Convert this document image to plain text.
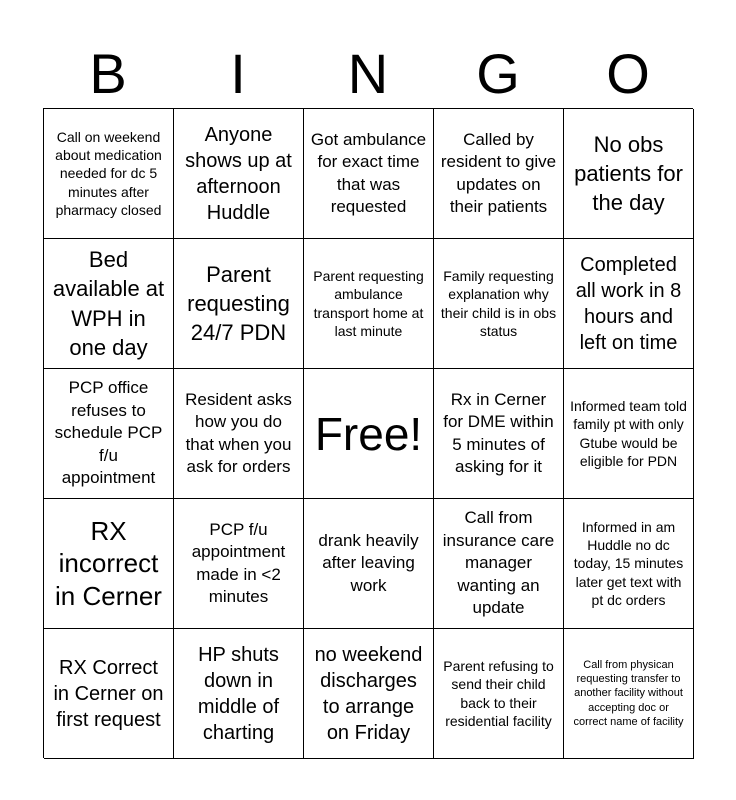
B	I	N	G	O
Call on weekend about medication needed for dc 5 minutes after pharmacy closed
Anyone shows up at afternoon Huddle
Got ambulance for exact time that was requested
Called by resident to give updates on their patients
No obs patients for the day
Bed available at WPH in one day
Parent requesting 24/7 PDN
Parent requesting ambulance transport home at last minute
Family requesting explanation why their child is in obs status
Completed all work in 8 hours and left on time
PCP office refuses to schedule PCP f/u appointment
Resident asks how you do that when you ask for orders
Free!
Rx in Cerner for DME within 5 minutes of asking for it
Informed team told family pt with only Gtube would be eligible for PDN
RX incorrect in Cerner
PCP f/u appointment made in <2 minutes
drank heavily after leaving work
Call from insurance care manager wanting an update
Informed in am Huddle no dc today, 15 minutes later get text with pt dc orders
RX Correct in Cerner on first request
HP shuts down in middle of charting
no weekend discharges to arrange on Friday
Parent refusing to send their child back to their residential facility
Call from physican requesting transfer to another facility without accepting doc or correct name of facility
